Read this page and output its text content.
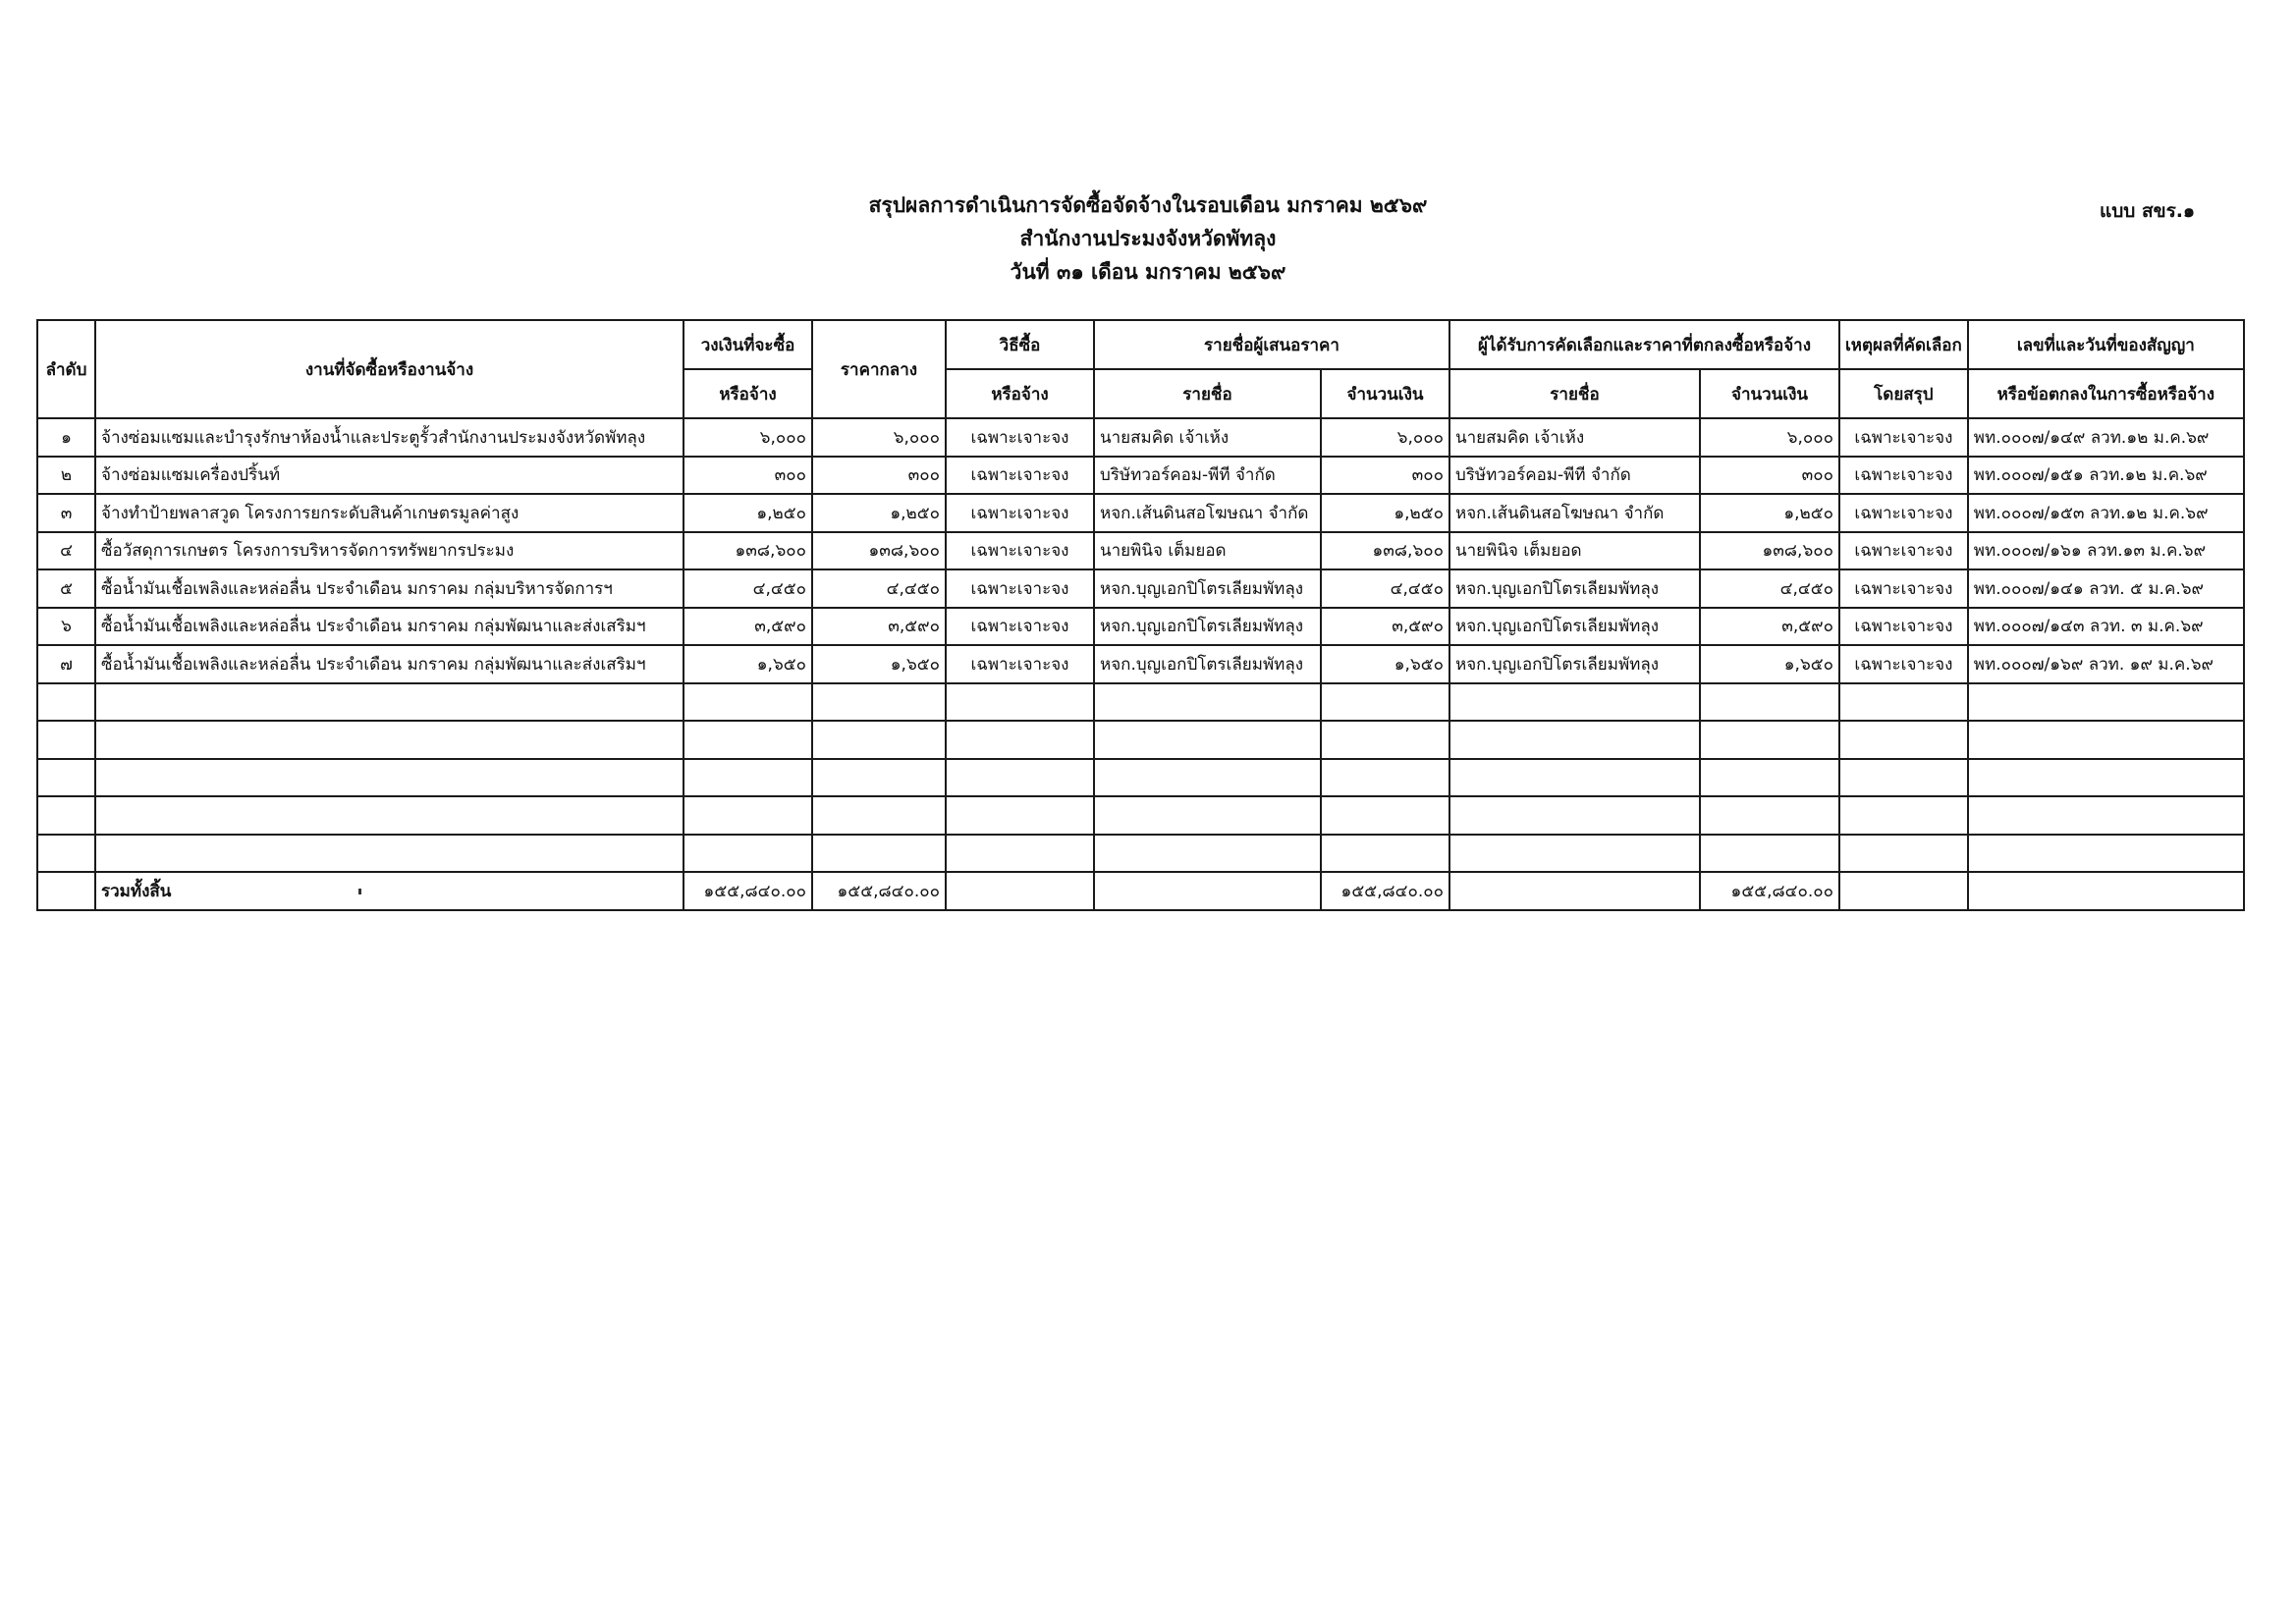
แบบ สขร.๑
สรุปผลการดำเนินการจัดซื้อจัดจ้างในรอบเดือน มกราคม ๒๕๖๙
สำนักงานประมงจังหวัดพัทลุง
วันที่ ๓๑ เดือน มกราคม ๒๕๖๙
ลำดับ	งานที่จัดซื้อหรืองานจ้าง	วงเงินที่จะซื้อ	ราคากลาง	วิธีซื้อ	รายชื่อผู้เสนอราคา		ผู้ได้รับการคัดเลือกและราคาที่ตกลงซื้อหรือจ้าง		เหตุผลที่คัดเลือก	เลขที่และวันที่ของสัญญา
		หรือจ้าง		หรือจ้าง	รายชื่อ	จำนวนเงิน	รายชื่อ	จำนวนเงิน	โดยสรุป	หรือข้อตกลงในการซื้อหรือจ้าง
๑	จ้างซ่อมแซมและบำรุงรักษาห้องน้ำและประตูรั้วสำนักงานประมงจังหวัดพัทลุง	๖,๐๐๐	๖,๐๐๐	เฉพาะเจาะจง	นายสมคิด เจ้าเห้ง	๖,๐๐๐	นายสมคิด เจ้าเห้ง	๖,๐๐๐	เฉพาะเจาะจง	พท.๐๐๐๗/๑๔๙ ลวท.๑๒ ม.ค.๖๙
๒	จ้างซ่อมแซมเครื่องปริ้นท์	๓๐๐	๓๐๐	เฉพาะเจาะจง	บริษัทวอร์คอม-พีที จำกัด	๓๐๐	บริษัทวอร์คอม-พีที จำกัด	๓๐๐	เฉพาะเจาะจง	พท.๐๐๐๗/๑๕๑ ลวท.๑๒ ม.ค.๖๙
๓	จ้างทำป้ายพลาสวูด โครงการยกระดับสินค้าเกษตรมูลค่าสูง	๑,๒๕๐	๑,๒๕๐	เฉพาะเจาะจง	หจก.เส้นดินสอโฆษณา จำกัด	๑,๒๕๐	หจก.เส้นดินสอโฆษณา จำกัด	๑,๒๕๐	เฉพาะเจาะจง	พท.๐๐๐๗/๑๕๓ ลวท.๑๒ ม.ค.๖๙
๔	ซื้อวัสดุการเกษตร โครงการบริหารจัดการทรัพยากรประมง	๑๓๘,๖๐๐	๑๓๘,๖๐๐	เฉพาะเจาะจง	นายพินิจ เต็มยอด	๑๓๘,๖๐๐	นายพินิจ เต็มยอด	๑๓๘,๖๐๐	เฉพาะเจาะจง	พท.๐๐๐๗/๑๖๑ ลวท.๑๓ ม.ค.๖๙
๕	ซื้อน้ำมันเชื้อเพลิงและหล่อลื่น ประจำเดือน มกราคม กลุ่มบริหารจัดการฯ	๔,๔๕๐	๔,๔๕๐	เฉพาะเจาะจง	หจก.บุญเอกปิโตรเลียมพัทลุง	๔,๔๕๐	หจก.บุญเอกปิโตรเลียมพัทลุง	๔,๔๕๐	เฉพาะเจาะจง	พท.๐๐๐๗/๑๔๑ ลวท. ๕ ม.ค.๖๙
๖	ซื้อน้ำมันเชื้อเพลิงและหล่อลื่น ประจำเดือน มกราคม กลุ่มพัฒนาและส่งเสริมฯ	๓,๕๙๐	๓,๕๙๐	เฉพาะเจาะจง	หจก.บุญเอกปิโตรเลียมพัทลุง	๓,๕๙๐	หจก.บุญเอกปิโตรเลียมพัทลุง	๓,๕๙๐	เฉพาะเจาะจง	พท.๐๐๐๗/๑๔๓ ลวท. ๓ ม.ค.๖๙
๗	ซื้อน้ำมันเชื้อเพลิงและหล่อลื่น ประจำเดือน มกราคม กลุ่มพัฒนาและส่งเสริมฯ	๑,๖๕๐	๑,๖๕๐	เฉพาะเจาะจง	หจก.บุญเอกปิโตรเลียมพัทลุง	๑,๖๕๐	หจก.บุญเอกปิโตรเลียมพัทลุง	๑,๖๕๐	เฉพาะเจาะจง	พท.๐๐๐๗/๑๖๙ ลวท. ๑๙ ม.ค.๖๙

	รวมทั้งสิ้น	๑๕๕,๘๔๐.๐๐	๑๕๕,๘๔๐.๐๐			๑๕๕,๘๔๐.๐๐		๑๕๕,๘๔๐.๐๐		
